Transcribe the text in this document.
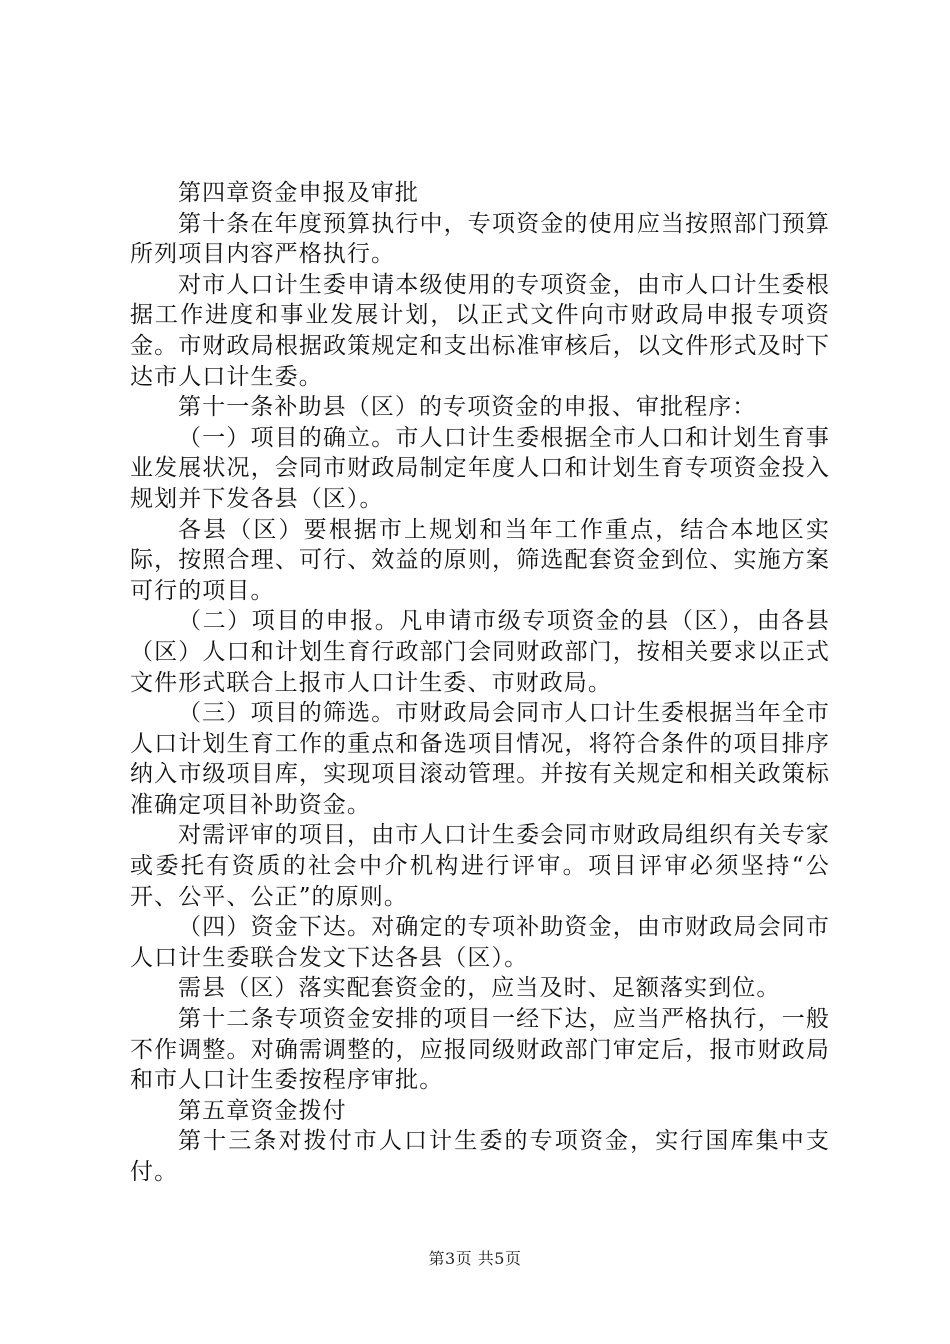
第四章资金申报及审批

第十条在年度预算执行中，专项资金的使用应当按照部门预算所列项目内容严格执行。

对市人口计生委申请本级使用的专项资金，由市人口计生委根据工作进度和事业发展计划，以正式文件向市财政局申报专项资金。市财政局根据政策规定和支出标准审核后，以文件形式及时下达市人口计生委。

第十一条补助县（区）的专项资金的申报、审批程序：

（一）项目的确立。市人口计生委根据全市人口和计划生育事业发展状况，会同市财政局制定年度人口和计划生育专项资金投入规划并下发各县（区）。

各县（区）要根据市上规划和当年工作重点，结合本地区实际，按照合理、可行、效益的原则，筛选配套资金到位、实施方案可行的项目。

（二）项目的申报。凡申请市级专项资金的县（区），由各县（区）人口和计划生育行政部门会同财政部门，按相关要求以正式文件形式联合上报市人口计生委、市财政局。

（三）项目的筛选。市财政局会同市人口计生委根据当年全市人口计划生育工作的重点和备选项目情况，将符合条件的项目排序纳入市级项目库，实现项目滚动管理。并按有关规定和相关政策标准确定项目补助资金。

对需评审的项目，由市人口计生委会同市财政局组织有关专家或委托有资质的社会中介机构进行评审。项目评审必须坚持“公开、公平、公正”的原则。

（四）资金下达。对确定的专项补助资金，由市财政局会同市人口计生委联合发文下达各县（区）。

需县（区）落实配套资金的，应当及时、足额落实到位。

第十二条专项资金安排的项目一经下达，应当严格执行，一般不作调整。对确需调整的，应报同级财政部门审定后，报市财政局和市人口计生委按程序审批。

第五章资金拨付

第十三条对拨付市人口计生委的专项资金，实行国库集中支付。

第3页 共5页
